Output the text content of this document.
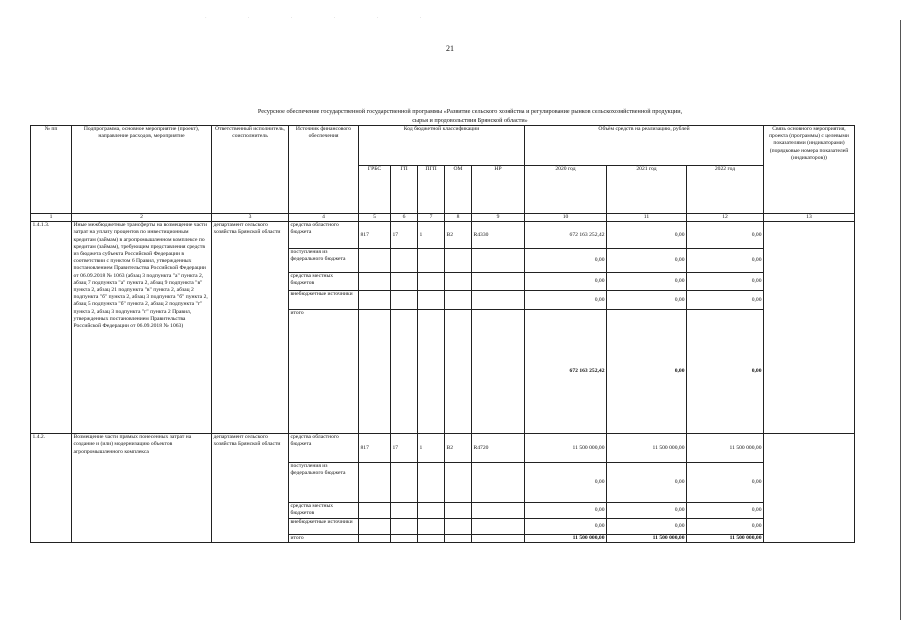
· · · · · ·
21
Ресурсное обеспечение государственной государственной программы «Развитие сельского хозяйства и регулирование рынков сельскохозяйственной продукции,
сырья и продовольствия Брянской области»
№ пп	Подпрограмма, основное мероприятие (проект), направление расходов, мероприятие	Ответственный исполнитель, соисполнитель	Источник финансового обеспечения	Код бюджетной классификации					Объём средств на реализацию, рублей			Связь основного мероприятия, проекта (программы) с целевыми показателями (индикаторами) (порядковые номера показателей (индикаторов))
				ГРБС	ГП	ПГП	ОМ	НР	2020 год	2021 год	2022 год	
1	2	3	4	5	6	7	8	9	10	11	12	13
1.4.1.3.	Иные межбюджетные трансферты на возмещение части затрат на уплату процентов по инвестиционным кредитам (займам) в агропромышленном комплексе по кредитам (займам), требующим представления средств из бюджета субъекта Российской Федерации в соответствии с пунктом 6 Правил, утвержденных постановлением Правительства Российской Федерации от 06.09.2018 № 1063 (абзац 3 подпункта "а" пункта 2, абзац 7 подпункта "а" пункта 2, абзац 9 подпункта "в" пункта 2, абзац 21 подпункта "в" пункта 2, абзац 2 подпункта "б" пункта 2, абзац 3 подпункта "б" пункта 2, абзац 5 подпункта "б" пункта 2, абзац 2 подпункта "г" пункта 2, абзац 3 подпункта "г" пункта 2 Правил, утвержденных постановлением Правительства Российской Федерации от 06.09.2018 № 1063)	департамент сельского хозяйства Брянской области	средства областного бюджета	817	17	1	В2	R4330	672 163 252,42	0,00	0,00	
			поступления из федерального бюджета						0,00	0,00	0,00	
			средства местных бюджетов						0,00	0,00	0,00	
			внебюджетные источники						0,00	0,00	0,00	
			итого						672 163 252,42	0,00	0,00	
1.4.2.	Возмещение части прямых понесенных затрат на создание и (или) модернизацию объектов агропромышленного комплекса	департамент сельского хозяйства Брянской области	средства областного бюджета	817	17	1	В2	R4720	11 500 000,00	11 500 000,00	11 500 000,00	
			поступления из федерального бюджета						0,00	0,00	0,00	
			средства местных бюджетов						0,00	0,00	0,00	
			внебюджетные источники						0,00	0,00	0,00	
			итого						11 500 000,00	11 500 000,00	11 500 000,00	
